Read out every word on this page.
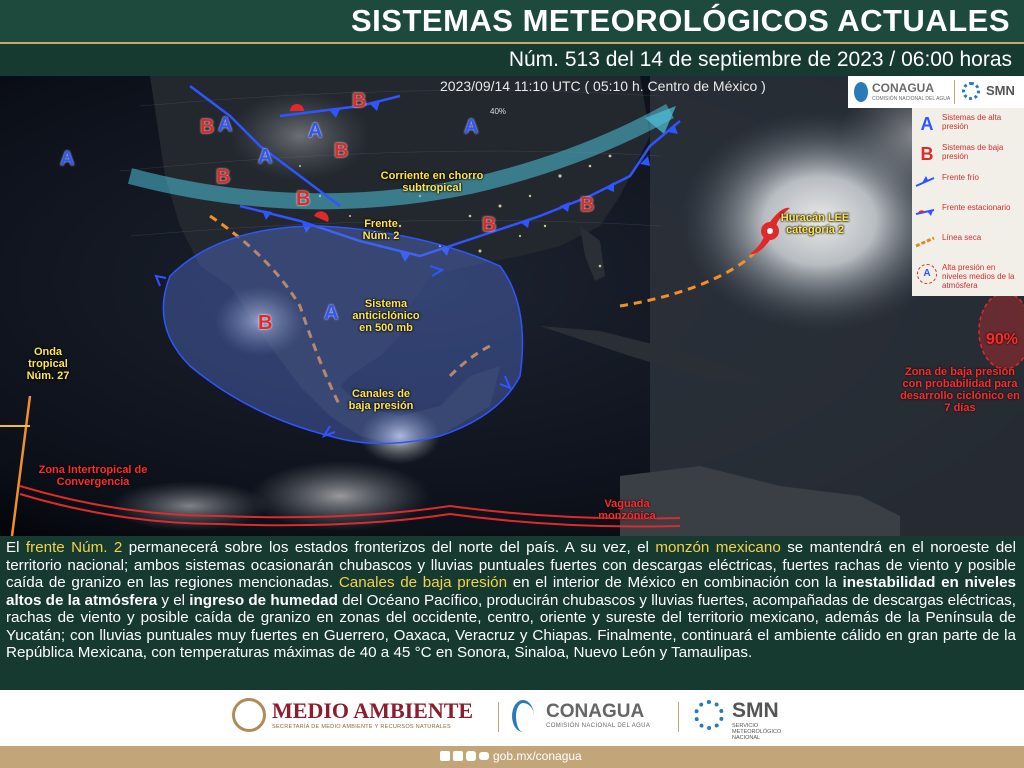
SISTEMAS METEOROLÓGICOS ACTUALES
Núm. 513 del 14 de septiembre de 2023 / 06:00 horas
2023/09/14 11:10 UTC ( 05:10 h. Centro de México )
A
B A
A
B
A
B
B
A
B
B
B
A
B
40%
Corriente en chorro subtropical
Frente Núm. 2
Sistema anticiclónico en 500 mb
Canales de baja presión
Huracán LEE categoría 2
Onda tropical Núm. 27
Zona Intertropical de Convergencia
Vaguada monzónica
Zona de baja presión con probabilidad para desarrollo ciclónico en 7 días
90%
CONAGUA
COMISIÓN NACIONAL DEL AGUA
SMN
A	Sistemas de alta presión
B	Sistemas de baja presión
Frente frío
Frente estacionario
Línea seca
A
Alta presión en niveles medios de la atmósfera
El frente Núm. 2 permanecerá sobre los estados fronterizos del norte del país. A su vez, el monzón mexicano se mantendrá en el noroeste del territorio nacional; ambos sistemas ocasionarán chubascos y lluvias puntuales fuertes con descargas eléctricas, fuertes rachas de viento y posible caída de granizo en las regiones mencionadas. Canales de baja presión en el interior de México en combinación con la inestabilidad en niveles altos de la atmósfera y el ingreso de humedad del Océano Pacífico, producirán chubascos y lluvias fuertes, acompañadas de descargas eléctricas, rachas de viento y posible caída de granizo en zonas del occidente, centro, oriente y sureste del territorio mexicano, además de la Península de Yucatán; con lluvias puntuales muy fuertes en Guerrero, Oaxaca, Veracruz y Chiapas. Finalmente, continuará el ambiente cálido en gran parte de la República Mexicana, con temperaturas máximas de 40 a 45 °C en Sonora, Sinaloa, Nuevo León y Tamaulipas.
MEDIO AMBIENTE
SECRETARÍA DE MEDIO AMBIENTE Y RECURSOS NATURALES
CONAGUA
COMISIÓN NACIONAL DEL AGUA
SMN
SERVICIO
METEOROLÓGICO
NACIONAL
gob.mx/conagua
